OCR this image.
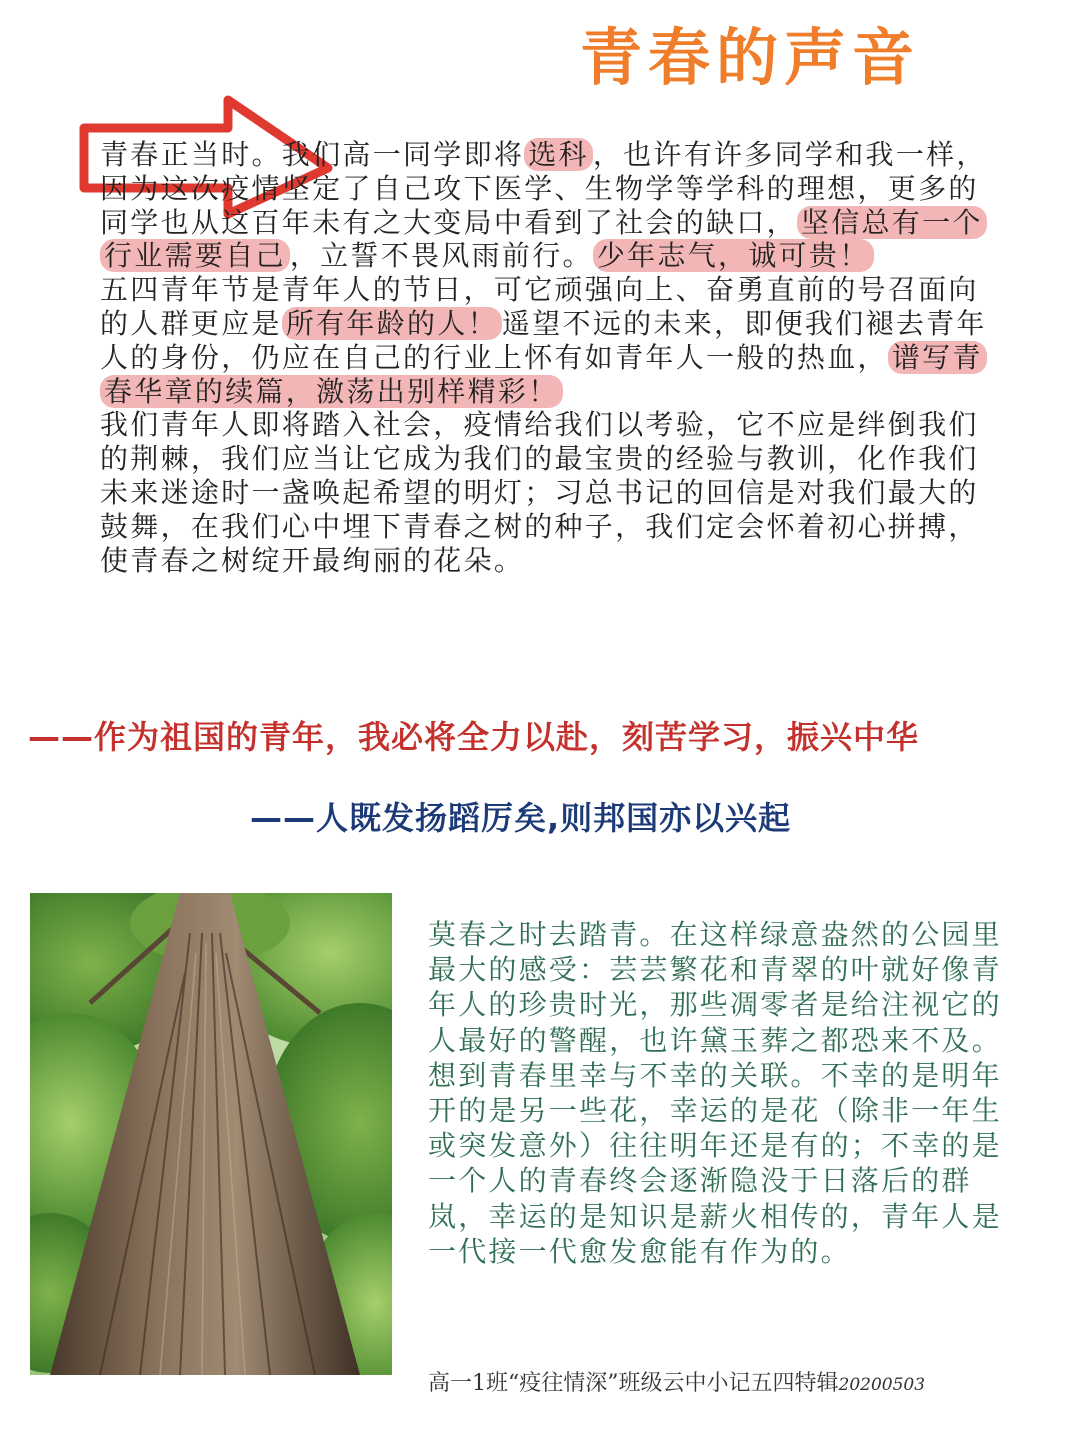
青春的声音

青春正当时。我们高一同学即将 选科 ，也许有许多同学和我一样，因为这次疫情坚定了自己攻下医学、生物学等学科的理想，更多的同学也从这百年未有之大变局中看到了社会的缺口， 坚信总有一个行业需要自己 ，立誓不畏风雨前行。 少年志气，诚可贵！

五四青年节是青年人的节日，可它顽强向上、奋勇直前的号召面向的人群更应是 所有年龄的人！ 遥望不远的未来，即便我们褪去青年人的身份，仍应在自己的行业上怀有如青年人一般的热血， 谱写青春华章的续篇，激荡出别样精彩！

我们青年人即将踏入社会，疫情给我们以考验，它不应是绊倒我们的荆棘，我们应当让它成为我们的最宝贵的经验与教训，化作我们未来迷途时一盏唤起希望的明灯；习总书记的回信是对我们最大的鼓舞，在我们心中埋下青春之树的种子，我们定会怀着初心拼搏，使青春之树绽开最绚丽的花朵。

——作为祖国的青年，我必将全力以赴，刻苦学习，振兴中华
——人既发扬蹈厉矣,则邦国亦以兴起

莫春之时去踏青。在这样绿意盎然的公园里最大的感受：芸芸繁花和青翠的叶就好像青年人的珍贵时光，那些凋零者是给注视它的人最好的警醒，也许黛玉葬之都恐来不及。

想到青春里幸与不幸的关联。不幸的是明年开的是另一些花，幸运的是花（除非一年生或突发意外）往往明年还是有的；不幸的是一个人的青春终会逐渐隐没于日落后的群岚，幸运的是知识是薪火相传的，青年人是一代接一代愈发愈能有作为的。

高一1班“疫往情深”班级云中小记五四特辑20200503
